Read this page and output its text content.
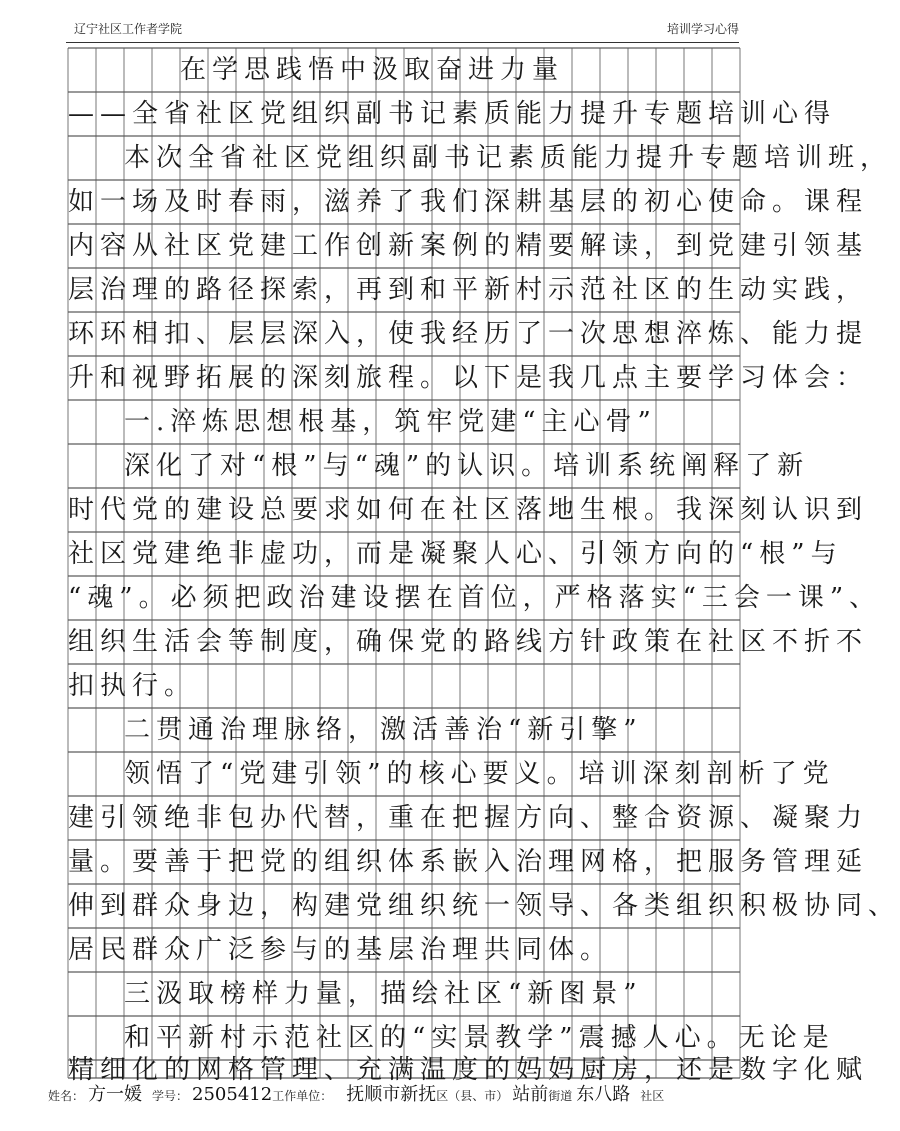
辽宁社区工作者学院	培训学习心得
在学思践悟中汲取奋进力量
——全省社区党组织副书记素质能力提升专题培训心得
本次全省社区党组织副书记素质能力提升专题培训班，
如一场及时春雨，滋养了我们深耕基层的初心使命。课程
内容从社区党建工作创新案例的精要解读，到党建引领基
层治理的路径探索，再到和平新村示范社区的生动实践，
环环相扣、层层深入，使我经历了一次思想淬炼、能力提
升和视野拓展的深刻旅程。以下是我几点主要学习体会：
一.淬炼思想根基，筑牢党建“主心骨”
深化了对“根”与“魂”的认识。培训系统阐释了新
时代党的建设总要求如何在社区落地生根。我深刻认识到
社区党建绝非虚功，而是凝聚人心、引领方向的“根”与
“魂”。必须把政治建设摆在首位，严格落实“三会一课”、
组织生活会等制度，确保党的路线方针政策在社区不折不
扣执行。
二贯通治理脉络，激活善治“新引擎”
领悟了“党建引领”的核心要义。培训深刻剖析了党
建引领绝非包办代替，重在把握方向、整合资源、凝聚力
量。要善于把党的组织体系嵌入治理网格，把服务管理延
伸到群众身边，构建党组织统一领导、各类组织积极协同、
居民群众广泛参与的基层治理共同体。
三汲取榜样力量，描绘社区“新图景”
和平新村示范社区的“实景教学”震撼人心。无论是
精细化的网格管理、充满温度的妈妈厨房，还是数字化赋
姓名： 方一媛 学号： 2505412 工作单位： 抚顺市 新抚 区（县、市） 站前 街道 东八路 社区
